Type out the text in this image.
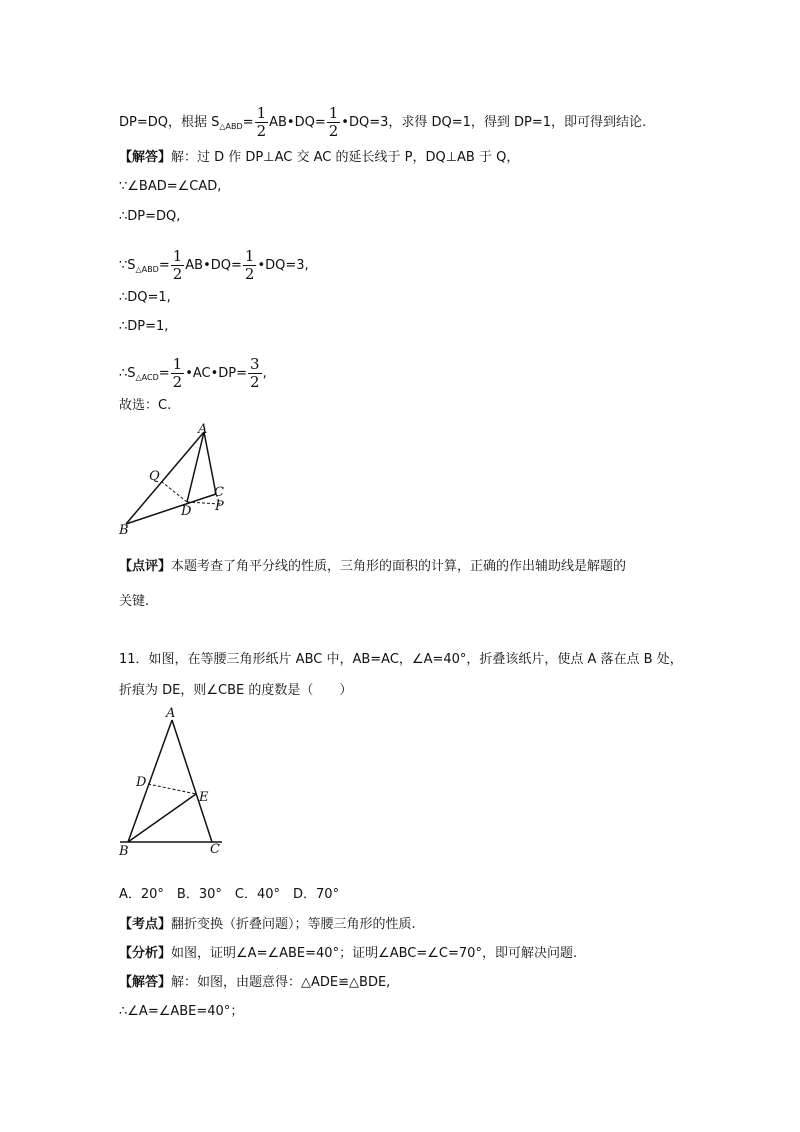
DP=DQ，根据 $S_{\triangle ABD}= \frac{1}{2}$ AB•DQ= $\frac{1}{2}$ •DQ=3，求得 DQ=1，得到 DP=1，即可得到结论.
【解答】解：过 D 作 DP⊥AC 交 AC 的延长线于 P，DQ⊥AB 于 Q，
∵∠BAD=∠CAD,
∴DP=DQ,
$\because S_{\triangle ABD}= \frac{1}{2}$ AB•DQ= $\frac{1}{2}$ •DQ=3,
∴DQ=1,
∴DP=1,
$\therefore S_{\triangle ACD}= \frac{1}{2}$ •AC•DP= $\frac{3}{2}$ ,
故选：C.
A
Q
C
D P
B
【点评】本题考查了角平分线的性质，三角形的面积的计算，正确的作出辅助线是解题的
关键.
11．如图，在等腰三角形纸片 ABC 中，AB=AC，∠A=40°，折叠该纸片，使点 A 落在点 B 处，
折痕为 DE，则∠CBE 的度数是（　　）
A
D
E
B	C
A．20°　B．30°　C．40°　D．70°
【考点】翻折变换（折叠问题）；等腰三角形的性质.
【分析】如图，证明∠A=∠ABE=40°；证明∠ABC=∠C=70°，即可解决问题.
【解答】解：如图，由题意得：△ADE≌△BDE,
∴∠A=∠ABE=40°；
